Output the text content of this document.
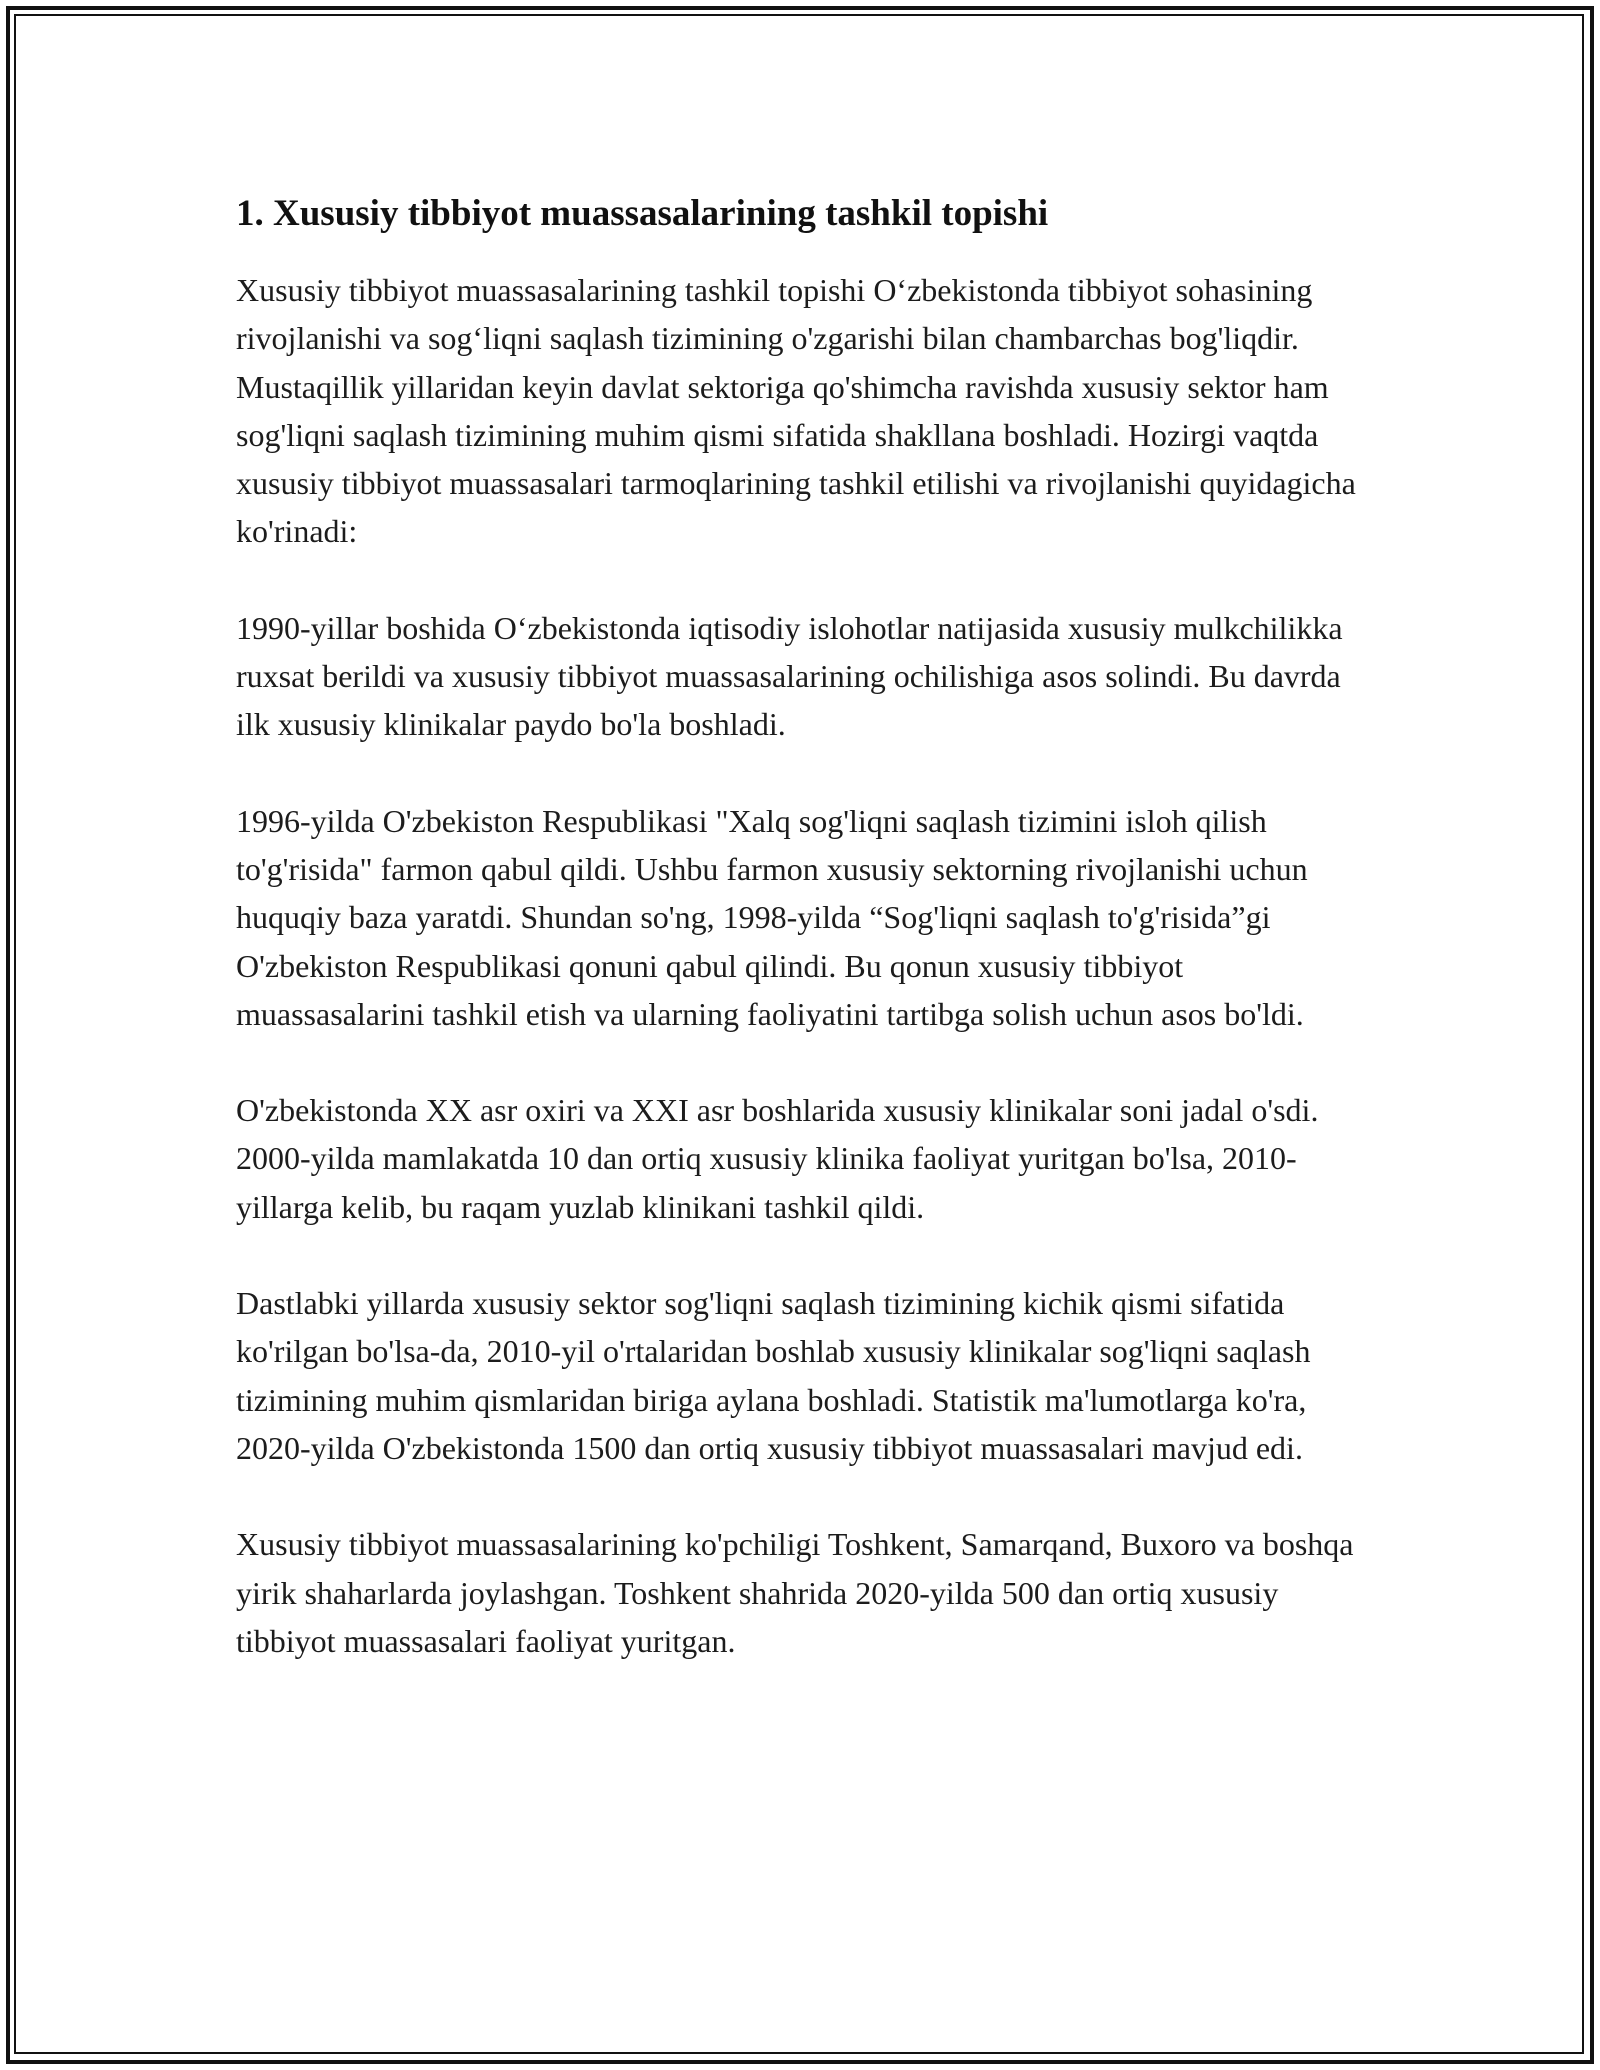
1. Xususiy tibbiyot muassasalarining tashkil topishi

Xususiy tibbiyot muassasalarining tashkil topishi O‘zbekistonda tibbiyot sohasining rivojlanishi va sog‘liqni saqlash tizimining o'zgarishi bilan chambarchas bog'liqdir. Mustaqillik yillaridan keyin davlat sektoriga qo'shimcha ravishda xususiy sektor ham sog'liqni saqlash tizimining muhim qismi sifatida shakllana boshladi. Hozirgi vaqtda xususiy tibbiyot muassasalari tarmoqlarining tashkil etilishi va rivojlanishi quyidagicha ko'rinadi:

1990-yillar boshida O‘zbekistonda iqtisodiy islohotlar natijasida xususiy mulkchilikka ruxsat berildi va xususiy tibbiyot muassasalarining ochilishiga asos solindi. Bu davrda ilk xususiy klinikalar paydo bo'la boshladi.

1996-yilda O'zbekiston Respublikasi "Xalq sog'liqni saqlash tizimini isloh qilish to'g'risida" farmon qabul qildi. Ushbu farmon xususiy sektorning rivojlanishi uchun huquqiy baza yaratdi. Shundan so'ng, 1998-yilda “Sog'liqni saqlash to'g'risida”gi O'zbekiston Respublikasi qonuni qabul qilindi. Bu qonun xususiy tibbiyot muassasalarini tashkil etish va ularning faoliyatini tartibga solish uchun asos bo'ldi.

O'zbekistonda XX asr oxiri va XXI asr boshlarida xususiy klinikalar soni jadal o'sdi. 2000-yilda mamlakatda 10 dan ortiq xususiy klinika faoliyat yuritgan bo'lsa, 2010-yillarga kelib, bu raqam yuzlab klinikani tashkil qildi.

Dastlabki yillarda xususiy sektor sog'liqni saqlash tizimining kichik qismi sifatida ko'rilgan bo'lsa-da, 2010-yil o'rtalaridan boshlab xususiy klinikalar sog'liqni saqlash tizimining muhim qismlaridan biriga aylana boshladi. Statistik ma'lumotlarga ko'ra, 2020-yilda O'zbekistonda 1500 dan ortiq xususiy tibbiyot muassasalari mavjud edi.

Xususiy tibbiyot muassasalarining ko'pchiligi Toshkent, Samarqand, Buxoro va boshqa yirik shaharlarda joylashgan. Toshkent shahrida 2020-yilda 500 dan ortiq xususiy tibbiyot muassasalari faoliyat yuritgan.
